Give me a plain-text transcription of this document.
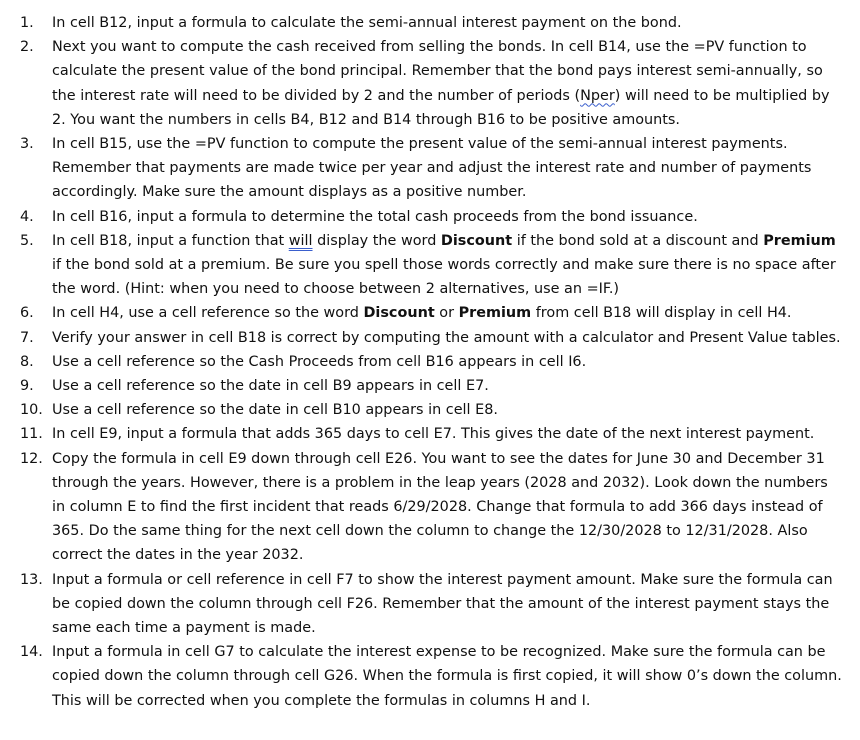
1.	In cell B12, input a formula to calculate the semi-annual interest payment on the bond.
2.	Next you want to compute the cash received from selling the bonds. In cell B14, use the =PV function to calculate the present value of the bond principal. Remember that the bond pays interest semi-annually, so the interest rate will need to be divided by 2 and the number of periods (Nper) will need to be multiplied by 2. You want the numbers in cells B4, B12 and B14 through B16 to be positive amounts.
3.	In cell B15, use the =PV function to compute the present value of the semi-annual interest payments. Remember that payments are made twice per year and adjust the interest rate and number of payments accordingly. Make sure the amount displays as a positive number.
4.	In cell B16, input a formula to determine the total cash proceeds from the bond issuance.
5.	In cell B18, input a function that will display the word Discount if the bond sold at a discount and Premium if the bond sold at a premium. Be sure you spell those words correctly and make sure there is no space after the word. (Hint: when you need to choose between 2 alternatives, use an =IF.)
6.	In cell H4, use a cell reference so the word Discount or Premium from cell B18 will display in cell H4.
7.	Verify your answer in cell B18 is correct by computing the amount with a calculator and Present Value tables.
8.	Use a cell reference so the Cash Proceeds from cell B16 appears in cell I6.
9.	Use a cell reference so the date in cell B9 appears in cell E7.
10. Use a cell reference so the date in cell B10 appears in cell E8.
11. In cell E9, input a formula that adds 365 days to cell E7. This gives the date of the next interest payment.
12. Copy the formula in cell E9 down through cell E26. You want to see the dates for June 30 and December 31 through the years. However, there is a problem in the leap years (2028 and 2032). Look down the numbers in column E to find the first incident that reads 6/29/2028. Change that formula to add 366 days instead of 365. Do the same thing for the next cell down the column to change the 12/30/2028 to 12/31/2028. Also correct the dates in the year 2032.
13. Input a formula or cell reference in cell F7 to show the interest payment amount. Make sure the formula can be copied down the column through cell F26. Remember that the amount of the interest payment stays the same each time a payment is made.
14. Input a formula in cell G7 to calculate the interest expense to be recognized. Make sure the formula can be copied down the column through cell G26. When the formula is first copied, it will show 0’s down the column. This will be corrected when you complete the formulas in columns H and I.
